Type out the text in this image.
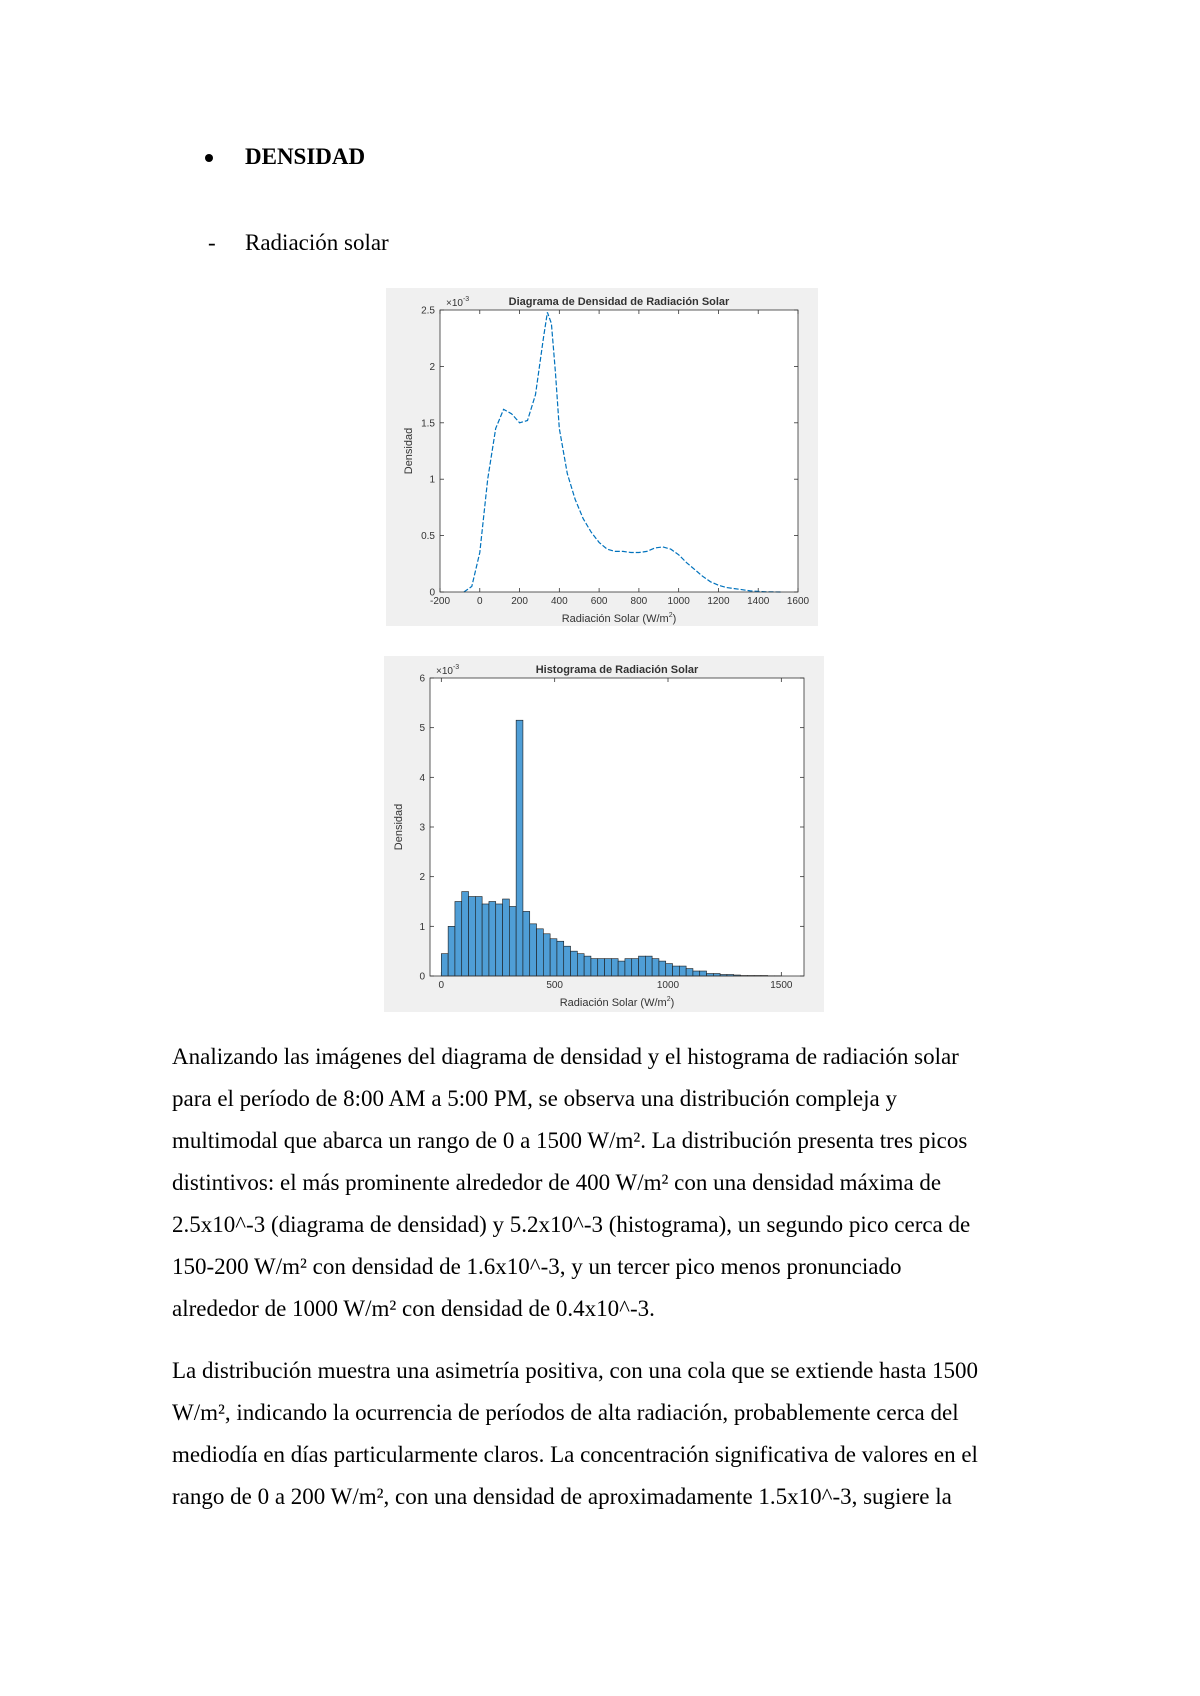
DENSIDAD
- Radiación solar
0
0.5
1
1.5
2
2.5
-200	0	200 400 600 800 1000 1200 1400 1600
$\times 10^{-3}$	Diagrama de Densidad de Radiación Solar
Radiación Solar $(W/m^2)$
Densidad
0
1
2
3
4
5
6
0	500	1000	1500
$\times 10^{-3}$	Histograma de Radiación Solar
Radiación Solar $(W/m^2)$
Densidad
Analizando las imágenes del diagrama de densidad y el histograma de radiación solar
para el período de 8:00 AM a 5:00 PM, se observa una distribución compleja y
multimodal que abarca un rango de 0 a 1500 W/m². La distribución presenta tres picos
distintivos: el más prominente alrededor de 400 W/m² con una densidad máxima de
2.5x10^-3 (diagrama de densidad) y 5.2x10^-3 (histograma), un segundo pico cerca de
150-200 W/m² con densidad de 1.6x10^-3, y un tercer pico menos pronunciado
alrededor de 1000 W/m² con densidad de 0.4x10^-3.
La distribución muestra una asimetría positiva, con una cola que se extiende hasta 1500
W/m², indicando la ocurrencia de períodos de alta radiación, probablemente cerca del
mediodía en días particularmente claros. La concentración significativa de valores en el
rango de 0 a 200 W/m², con una densidad de aproximadamente 1.5x10^-3, sugiere la
